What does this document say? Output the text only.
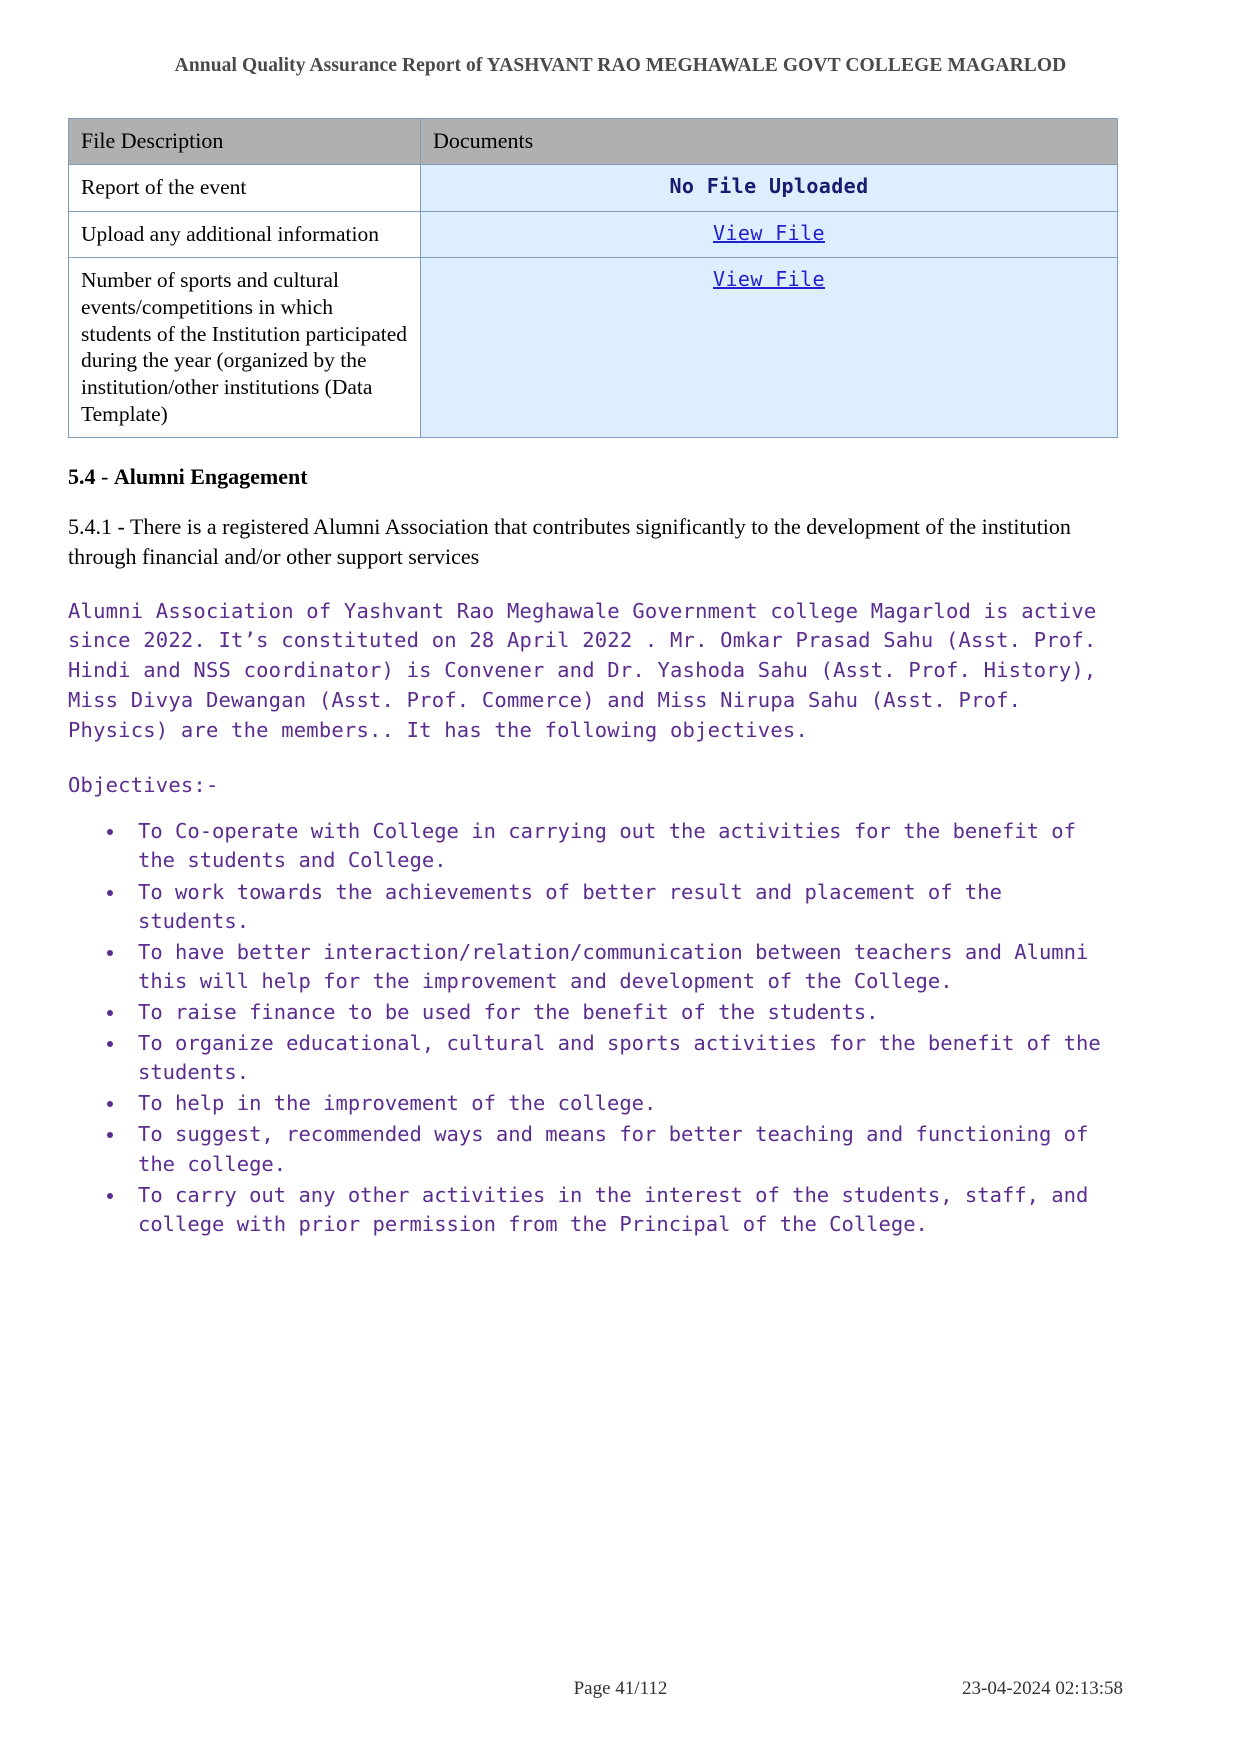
Annual Quality Assurance Report of YASHVANT RAO MEGHAWALE GOVT COLLEGE MAGARLOD
File Description	Documents
Report of the event	No File Uploaded
Upload any additional information	View File
Number of sports and cultural events/competitions in which students of the Institution participated during the year (organized by the institution/other institutions (Data Template)	View File
5.4 - Alumni Engagement
5.4.1 - There is a registered Alumni Association that contributes significantly to the development of the institution through financial and/or other support services
Alumni Association of Yashvant Rao Meghawale Government college Magarlod is active since 2022. It’s constituted on 28 April 2022 . Mr. Omkar Prasad Sahu (Asst. Prof. Hindi and NSS coordinator) is Convener and Dr. Yashoda Sahu (Asst. Prof. History), Miss Divya Dewangan (Asst. Prof. Commerce) and Miss Nirupa Sahu (Asst. Prof. Physics) are the members.. It has the following objectives.
Objectives:-
• To Co-operate with College in carrying out the activities for the benefit of the students and College.
• To work towards the achievements of better result and placement of the students.
• To have better interaction/relation/communication between teachers and Alumni this will help for the improvement and development of the College.
• To raise finance to be used for the benefit of the students.
• To organize educational, cultural and sports activities for the benefit of the students.
• To help in the improvement of the college.
• To suggest, recommended ways and means for better teaching and functioning of the college.
• To carry out any other activities in the interest of the students, staff, and college with prior permission from the Principal of the College.
Page 41/112	23-04-2024 02:13:58
